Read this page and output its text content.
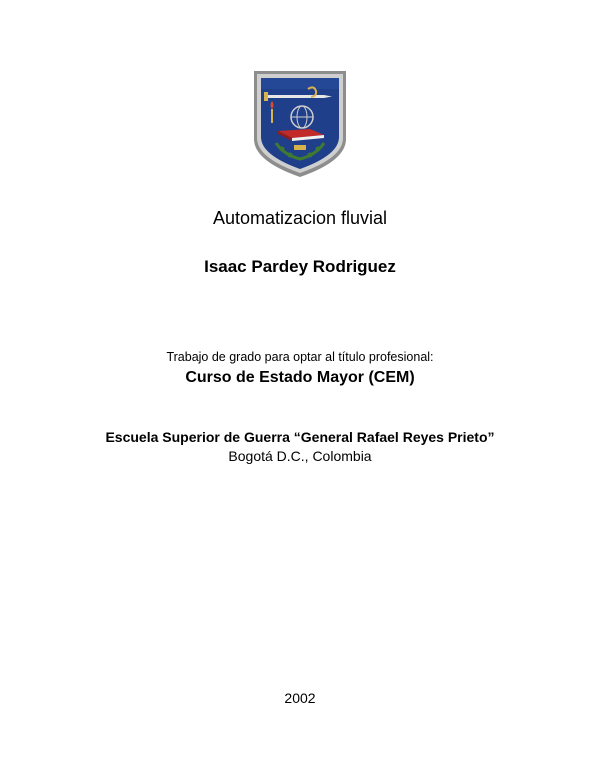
Automatizacion fluvial
Isaac Pardey Rodriguez
Trabajo de grado para optar al título profesional:
Curso de Estado Mayor (CEM)
Escuela Superior de Guerra “General Rafael Reyes Prieto”
Bogotá D.C., Colombia
2002
